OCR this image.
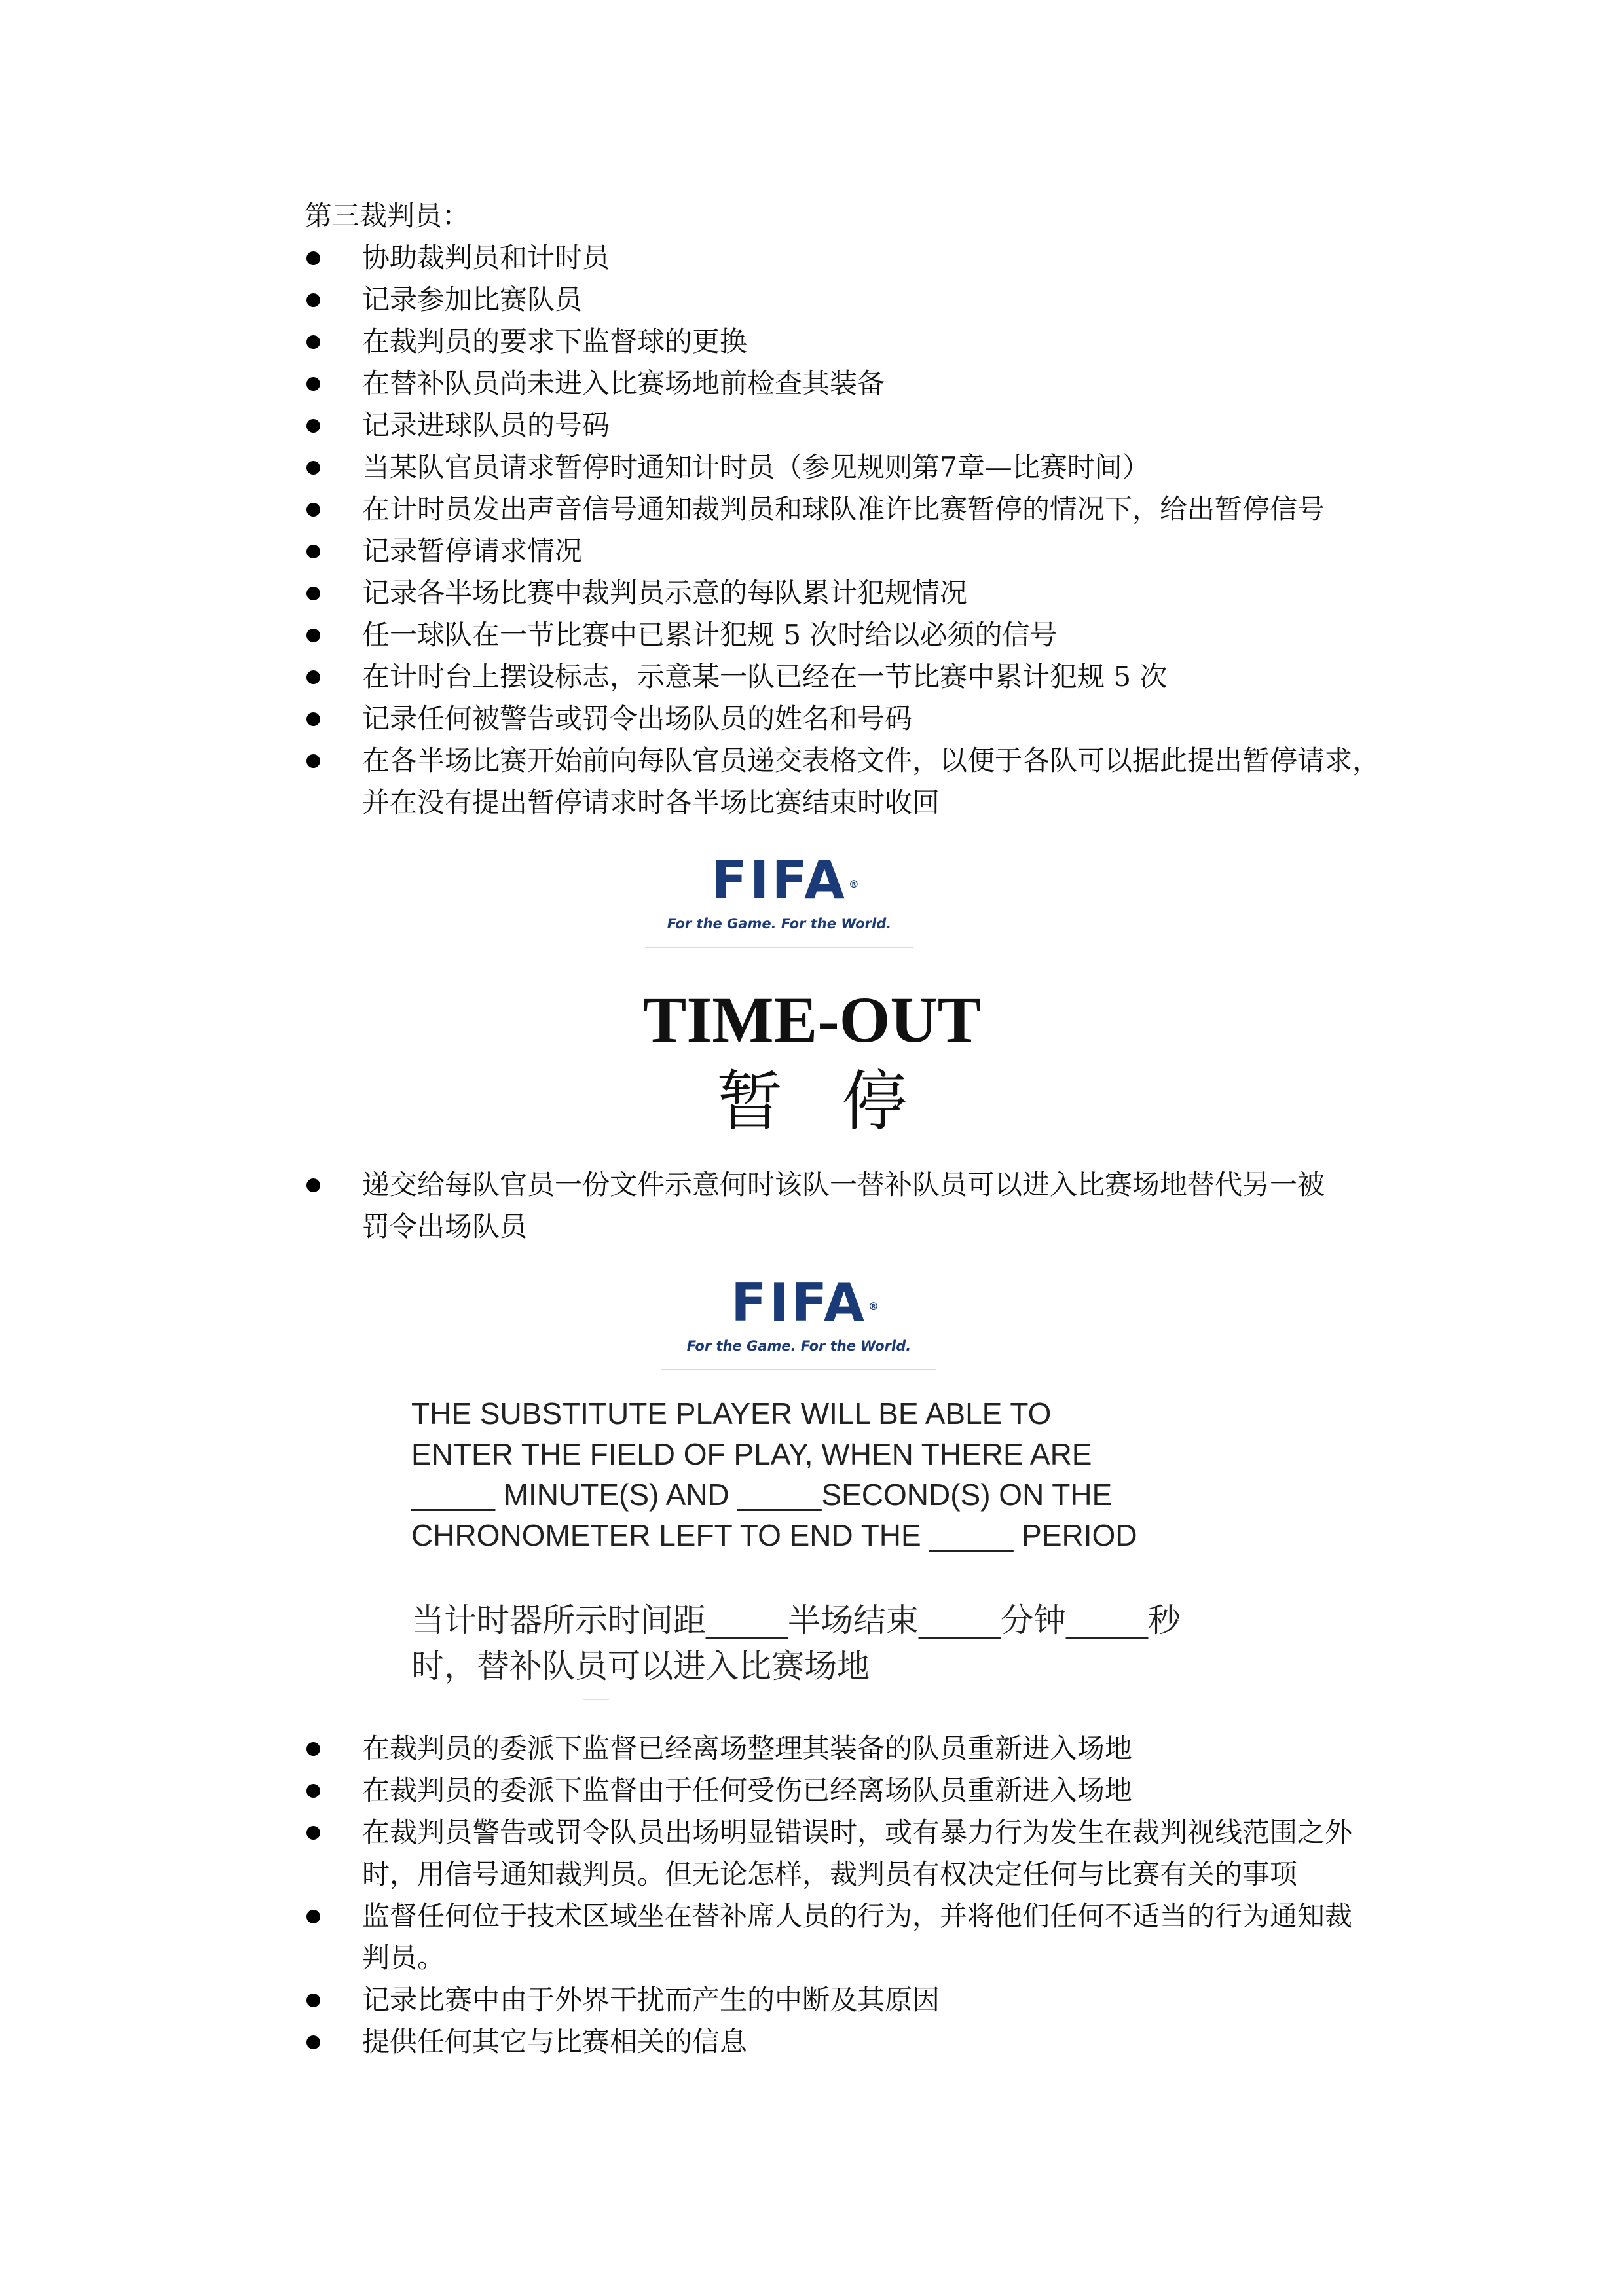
第三裁判员：
协助裁判员和计时员
记录参加比赛队员
在裁判员的要求下监督球的更换
在替补队员尚未进入比赛场地前检查其装备
记录进球队员的号码
当某队官员请求暂停时通知计时员（参见规则第7章—比赛时间）
在计时员发出声音信号通知裁判员和球队准许比赛暂停的情况下，给出暂停信号
记录暂停请求情况
记录各半场比赛中裁判员示意的每队累计犯规情况
任一球队在一节比赛中已累计犯规 5 次时给以必须的信号
在计时台上摆设标志，示意某一队已经在一节比赛中累计犯规 5 次
记录任何被警告或罚令出场队员的姓名和号码
在各半场比赛开始前向每队官员递交表格文件，以便于各队可以据此提出暂停请求，
并在没有提出暂停请求时各半场比赛结束时收回
FIFA ®
For the Game. For the World.
TIME-OUT
暂 停
递交给每队官员一份文件示意何时该队一替补队员可以进入比赛场地替代另一被
罚令出场队员
FIFA ®
For the Game. For the World.
THE SUBSTITUTE PLAYER WILL BE ABLE TO
ENTER THE FIELD OF PLAY, WHEN THERE ARE
_____ MINUTE(S) AND _____SECOND(S) ON THE
CHRONOMETER LEFT TO END THE _____ PERIOD
当计时器所示时间距_____半场结束_____分钟_____秒
时，替补队员可以进入比赛场地
在裁判员的委派下监督已经离场整理其装备的队员重新进入场地
在裁判员的委派下监督由于任何受伤已经离场队员重新进入场地
在裁判员警告或罚令队员出场明显错误时，或有暴力行为发生在裁判视线范围之外
时，用信号通知裁判员。但无论怎样，裁判员有权决定任何与比赛有关的事项
监督任何位于技术区域坐在替补席人员的行为，并将他们任何不适当的行为通知裁
判员。
记录比赛中由于外界干扰而产生的中断及其原因
提供任何其它与比赛相关的信息
